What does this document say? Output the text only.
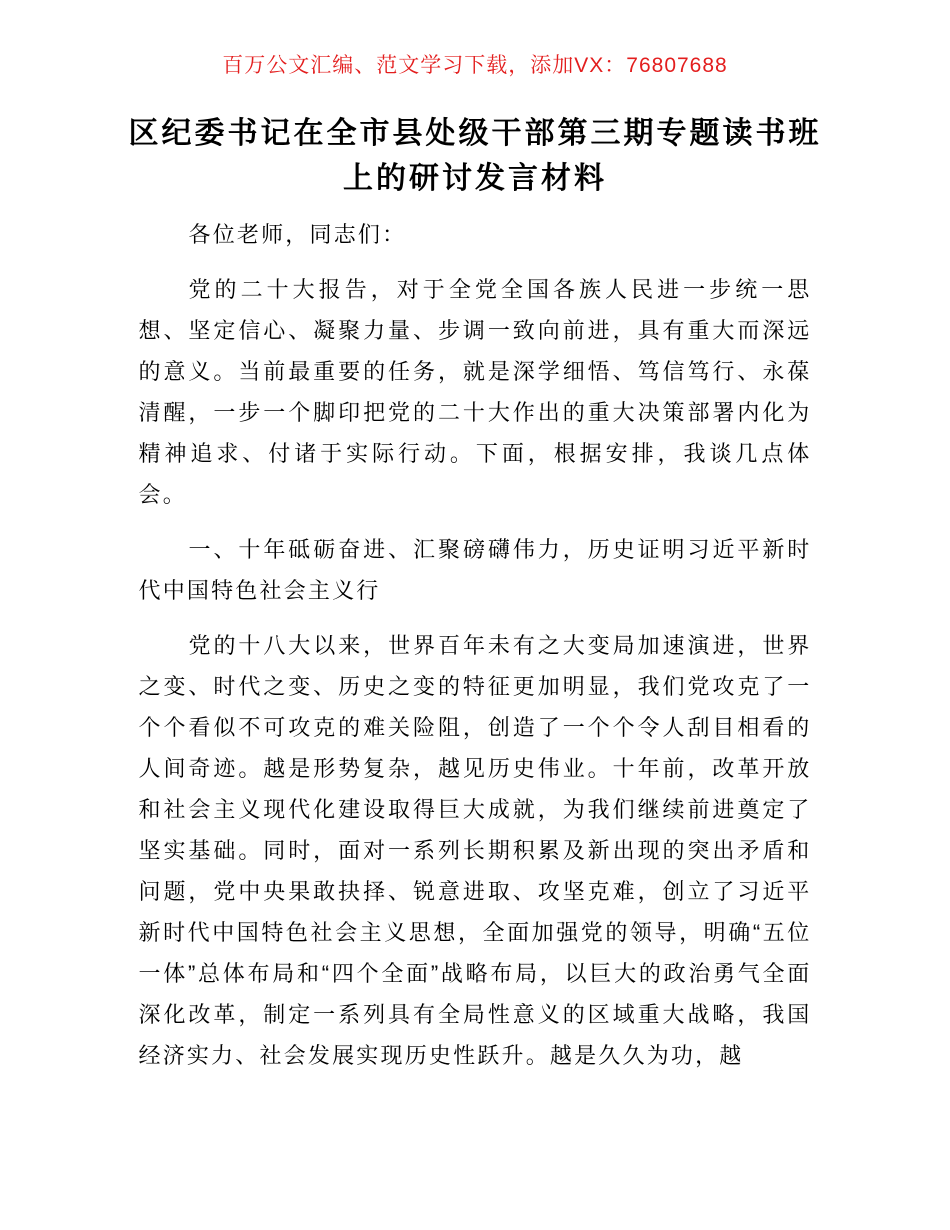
百万公文汇编、范文学习下载，添加VX：76807688
区纪委书记在全市县处级干部第三期专题读书班上的研讨发言材料

各位老师，同志们：

党的二十大报告，对于全党全国各族人民进一步统一思想、坚定信心、凝聚力量、步调一致向前进，具有重大而深远的意义。当前最重要的任务，就是深学细悟、笃信笃行、永葆清醒，一步一个脚印把党的二十大作出的重大决策部署内化为精神追求、付诸于实际行动。下面，根据安排，我谈几点体会。

一、十年砥砺奋进、汇聚磅礴伟力，历史证明习近平新时代中国特色社会主义行

党的十八大以来，世界百年未有之大变局加速演进，世界之变、时代之变、历史之变的特征更加明显，我们党攻克了一个个看似不可攻克的难关险阻，创造了一个个令人刮目相看的人间奇迹。越是形势复杂，越见历史伟业。十年前，改革开放和社会主义现代化建设取得巨大成就，为我们继续前进奠定了坚实基础。同时，面对一系列长期积累及新出现的突出矛盾和问题，党中央果敢抉择、锐意进取、攻坚克难，创立了习近平新时代中国特色社会主义思想，全面加强党的领导，明确“五位一体”总体布局和“四个全面”战略布局，以巨大的政治勇气全面深化改革，制定一系列具有全局性意义的区域重大战略，我国经济实力、社会发展实现历史性跃升。越是久久为功，越
